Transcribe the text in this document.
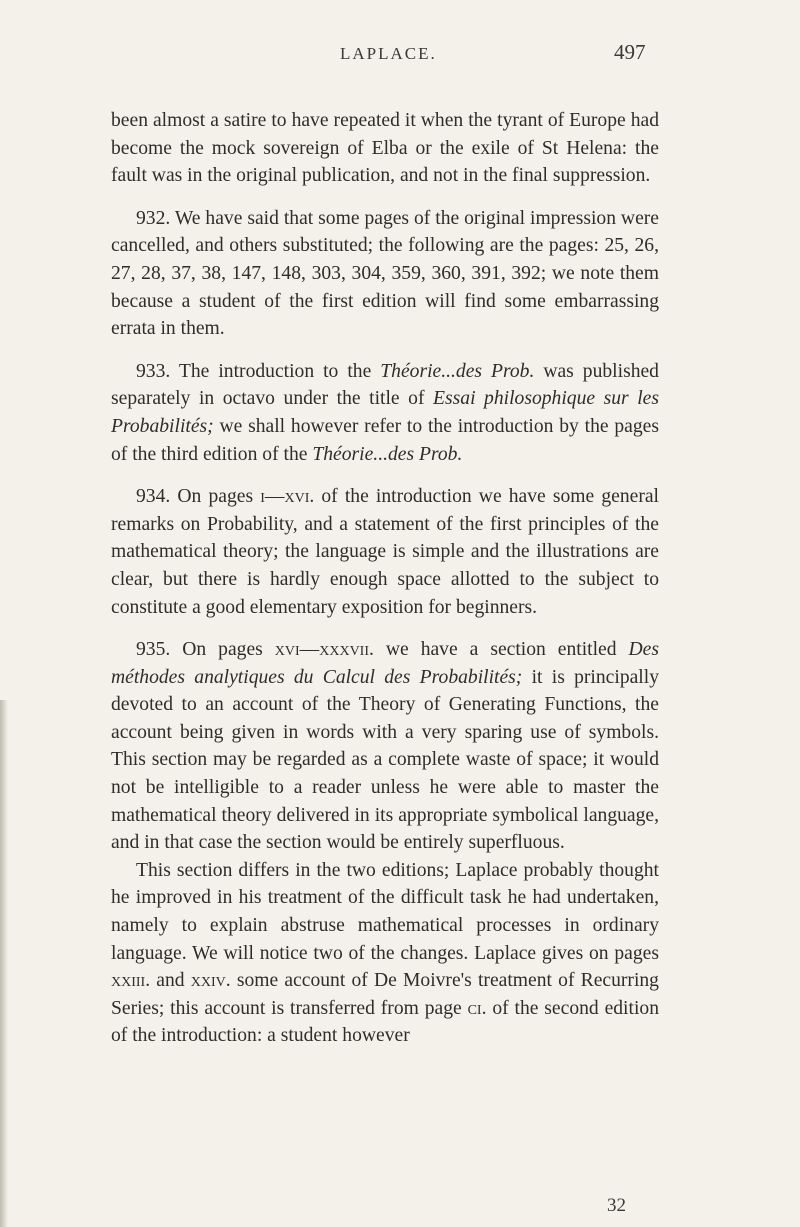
LAPLACE.	497

been almost a satire to have repeated it when the tyrant of Europe had become the mock sovereign of Elba or the exile of St Helena: the fault was in the original publication, and not in the final suppression.

932. We have said that some pages of the original impression were cancelled, and others substituted; the following are the pages: 25, 26, 27, 28, 37, 38, 147, 148, 303, 304, 359, 360, 391, 392; we note them because a student of the first edition will find some embarrassing errata in them.

933. The introduction to the Théorie...des Prob. was published separately in octavo under the title of Essai philosophique sur les Probabilités; we shall however refer to the introduction by the pages of the third edition of the Théorie...des Prob.

934. On pages i—xvi. of the introduction we have some general remarks on Probability, and a statement of the first principles of the mathematical theory; the language is simple and the illustrations are clear, but there is hardly enough space allotted to the subject to constitute a good elementary exposition for beginners.

935. On pages xvi—xxxvii. we have a section entitled Des méthodes analytiques du Calcul des Probabilités; it is principally devoted to an account of the Theory of Generating Functions, the account being given in words with a very sparing use of symbols. This section may be regarded as a complete waste of space; it would not be intelligible to a reader unless he were able to master the mathematical theory delivered in its appropriate symbolical language, and in that case the section would be entirely superfluous.

This section differs in the two editions; Laplace probably thought he improved in his treatment of the difficult task he had undertaken, namely to explain abstruse mathematical processes in ordinary language. We will notice two of the changes. Laplace gives on pages xxiii. and xxiv. some account of De Moivre's treatment of Recurring Series; this account is transferred from page ci. of the second edition of the introduction: a student however

32
